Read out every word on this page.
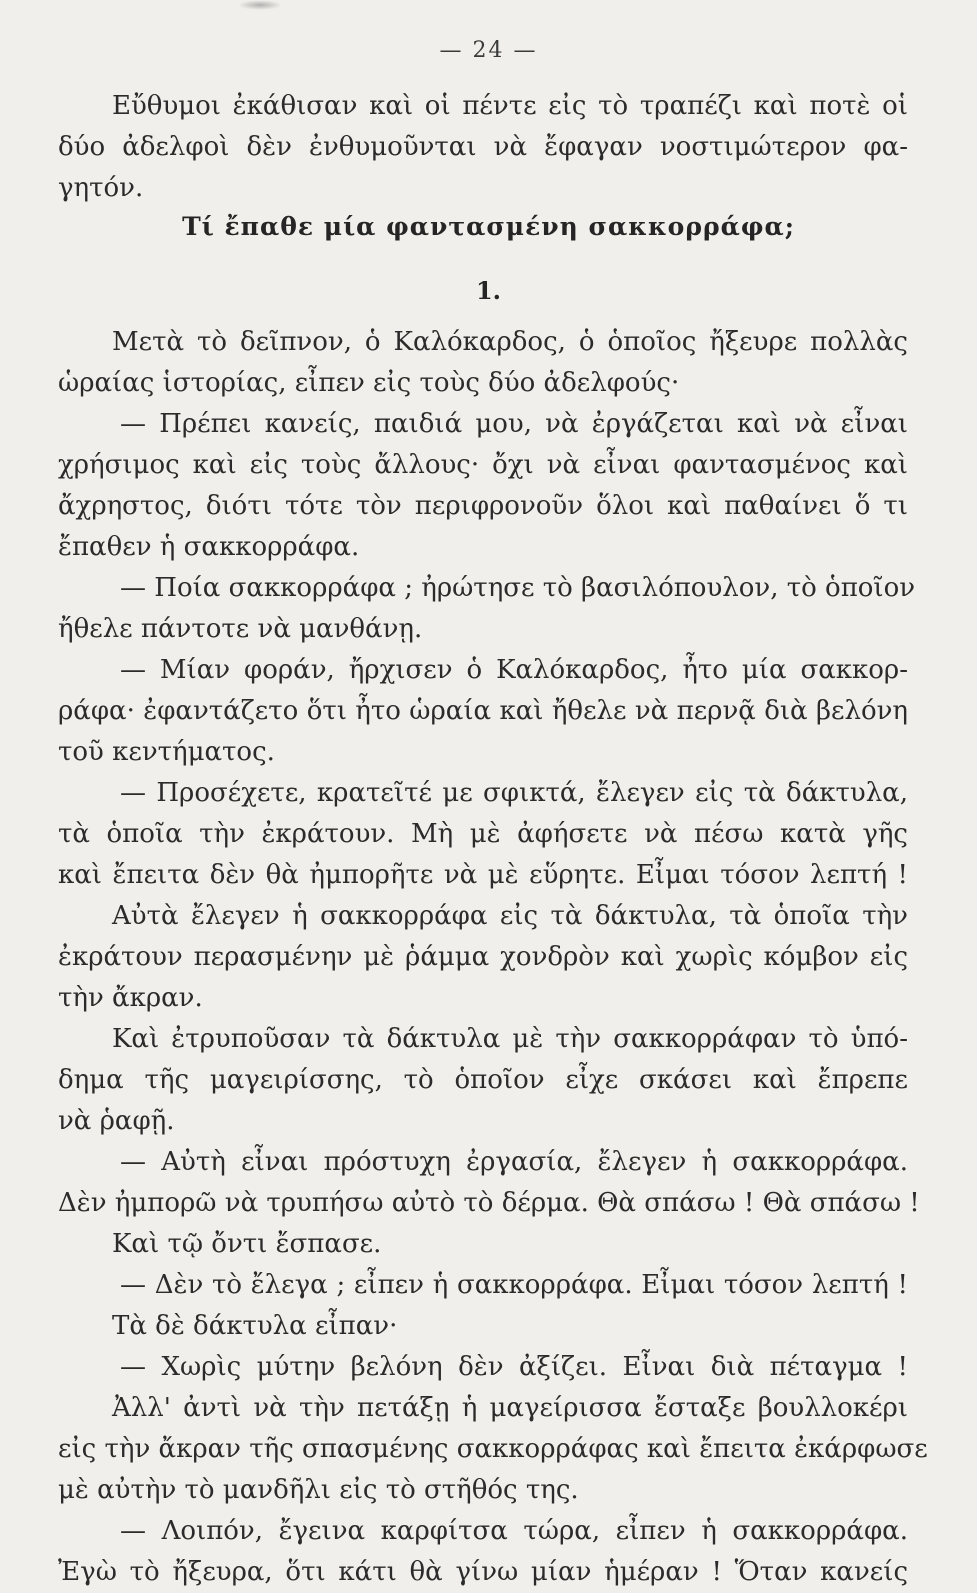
— 24 —
Εὔθυμοι ἐκάθισαν καὶ οἱ πέντε εἰς τὸ τραπέζι καὶ ποτὲ οἱ
δύο ἀδελφοὶ δὲν ἐνθυμοῦνται νὰ ἔφαγαν νοστιμώτερον φα-
γητόν.
Τί ἔπαθε μία φαντασμένη σακκορράφα;
1.
Μετὰ τὸ δεῖπνον, ὁ Καλόκαρδος, ὁ ὁποῖος ἤξευρε πολλὰς
ὡραίας ἱστορίας, εἶπεν εἰς τοὺς δύο ἀδελφούς·
— Πρέπει κανείς, παιδιά μου, νὰ ἐργάζεται καὶ νὰ εἶναι
χρήσιμος καὶ εἰς τοὺς ἄλλους· ὄχι νὰ εἶναι φαντασμένος καὶ
ἄχρηστος, διότι τότε τὸν περιφρονοῦν ὅλοι καὶ παθαίνει ὅ τι
ἔπαθεν ἡ σακκορράφα.
— Ποία σακκορράφα ; ἠρώτησε τὸ βασιλόπουλον, τὸ ὁποῖον
ἤθελε πάντοτε νὰ μανθάνῃ.
— Μίαν φοράν, ἤρχισεν ὁ Καλόκαρδος, ἦτο μία σακκορ-
ράφα· ἐφαντάζετο ὅτι ἦτο ὡραία καὶ ἤθελε νὰ περνᾷ διὰ βελόνη
τοῦ κεντήματος.
— Προσέχετε, κρατεῖτέ με σφικτά, ἔλεγεν εἰς τὰ δάκτυλα,
τὰ ὁποῖα τὴν ἐκράτουν. Μὴ μὲ ἀφήσετε νὰ πέσω κατὰ γῆς
καὶ ἔπειτα δὲν θὰ ἠμπορῆτε νὰ μὲ εὕρητε. Εἶμαι τόσον λεπτή !
Αὐτὰ ἔλεγεν ἡ σακκορράφα εἰς τὰ δάκτυλα, τὰ ὁποῖα τὴν
ἐκράτουν περασμένην μὲ ῥάμμα χονδρὸν καὶ χωρὶς κόμβον εἰς
τὴν ἄκραν.
Καὶ ἐτρυποῦσαν τὰ δάκτυλα μὲ τὴν σακκορράφαν τὸ ὑπό-
δημα τῆς μαγειρίσσης, τὸ ὁποῖον εἶχε σκάσει καὶ ἔπρεπε
νὰ ῥαφῇ.
— Αὐτὴ εἶναι πρόστυχη ἐργασία, ἔλεγεν ἡ σακκορράφα.
Δὲν ἠμπορῶ νὰ τρυπήσω αὐτὸ τὸ δέρμα. Θὰ σπάσω ! Θὰ σπάσω !
Καὶ τῷ ὄντι ἔσπασε.
— Δὲν τὸ ἔλεγα ; εἶπεν ἡ σακκορράφα. Εἶμαι τόσον λεπτή !
Τὰ δὲ δάκτυλα εἶπαν·
— Χωρὶς μύτην βελόνη δὲν ἀξίζει. Εἶναι διὰ πέταγμα !
Ἀλλ' ἀντὶ νὰ τὴν πετάξῃ ἡ μαγείρισσα ἔσταξε βουλλοκέρι
εἰς τὴν ἄκραν τῆς σπασμένης σακκορράφας καὶ ἔπειτα ἐκάρφωσε
μὲ αὐτὴν τὸ μανδῆλι εἰς τὸ στῆθός της.
— Λοιπόν, ἔγεινα καρφίτσα τώρα, εἶπεν ἡ σακκορράφα.
Ἐγὼ τὸ ἤξευρα, ὅτι κάτι θὰ γίνω μίαν ἡμέραν ! Ὅταν κανείς
